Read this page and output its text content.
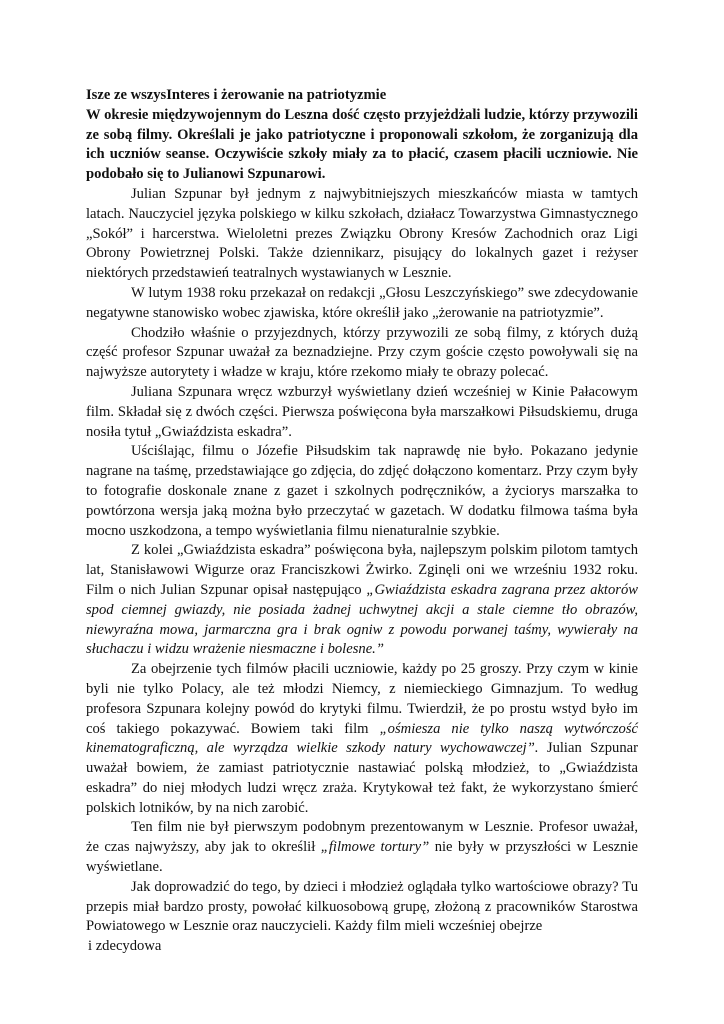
Isze ze wszysInteres i żerowanie na patriotyzmie

W okresie międzywojennym do Leszna dość często przyjeżdżali ludzie, którzy przywozili ze sobą filmy. Określali je jako patriotyczne i proponowali szkołom, że zorganizują dla ich uczniów seanse. Oczywiście szkoły miały za to płacić, czasem płacili uczniowie. Nie podobało się to Julianowi Szpunarowi.

Julian Szpunar był jednym z najwybitniejszych mieszkańców miasta w tamtych latach. Nauczyciel języka polskiego w kilku szkołach, działacz Towarzystwa Gimnastycznego „Sokół” i harcerstwa. Wieloletni prezes Związku Obrony Kresów Zachodnich oraz Ligi Obrony Powietrznej Polski. Także dziennikarz, pisujący do lokalnych gazet i reżyser niektórych przedstawień teatralnych wystawianych w Lesznie.

W lutym 1938 roku przekazał on redakcji „Głosu Leszczyńskiego” swe zdecydowanie negatywne stanowisko wobec zjawiska, które określił jako „żerowanie na patriotyzmie”.

Chodziło właśnie o przyjezdnych, którzy przywozili ze sobą filmy, z których dużą część profesor Szpunar uważał za beznadziejne. Przy czym goście często powoływali się na najwyższe autorytety i władze w kraju, które rzekomo miały te obrazy polecać.

Juliana Szpunara wręcz wzburzył wyświetlany dzień wcześniej w Kinie Pałacowym film. Składał się z dwóch części. Pierwsza poświęcona była marszałkowi Piłsudskiemu, druga nosiła tytuł „Gwiaździsta eskadra”.

Uściślając, filmu o Józefie Piłsudskim tak naprawdę nie było. Pokazano jedynie nagrane na taśmę, przedstawiające go zdjęcia, do zdjęć dołączono komentarz. Przy czym były to fotografie doskonale znane z gazet i szkolnych podręczników, a życiorys marszałka to powtórzona wersja jaką można było przeczytać w gazetach. W dodatku filmowa taśma była mocno uszkodzona, a tempo wyświetlania filmu nienaturalnie szybkie.

Z kolei „Gwiaździsta eskadra” poświęcona była, najlepszym polskim pilotom tamtych lat, Stanisławowi Wigurze oraz Franciszkowi Żwirko. Zginęli oni we wrześniu 1932 roku. Film o nich Julian Szpunar opisał następująco „Gwiaździsta eskadra zagrana przez aktorów spod ciemnej gwiazdy, nie posiada żadnej uchwytnej akcji a stale ciemne tło obrazów, niewyraźna mowa, jarmarczna gra i brak ogniw z powodu porwanej taśmy, wywierały na słuchaczu i widzu wrażenie niesmaczne i bolesne.”

Za obejrzenie tych filmów płacili uczniowie, każdy po 25 groszy. Przy czym w kinie byli nie tylko Polacy, ale też młodzi Niemcy, z niemieckiego Gimnazjum. To według profesora Szpunara kolejny powód do krytyki filmu. Twierdził, że po prostu wstyd było im coś takiego pokazywać. Bowiem taki film „ośmiesza nie tylko naszą wytwórczość kinematograficzną, ale wyrządza wielkie szkody natury wychowawczej”. Julian Szpunar uważał bowiem, że zamiast patriotycznie nastawiać polską młodzież, to „Gwiaździsta eskadra” do niej młodych ludzi wręcz zraża. Krytykował też fakt, że wykorzystano śmierć polskich lotników, by na nich zarobić.

Ten film nie był pierwszym podobnym prezentowanym w Lesznie. Profesor uważał, że czas najwyższy, aby jak to określił „filmowe tortury” nie były w przyszłości w Lesznie wyświetlane.

Jak doprowadzić do tego, by dzieci i młodzież oglądała tylko wartościowe obrazy? Tu przepis miał bardzo prosty, powołać kilkuosobową grupę, złożoną z pracowników Starostwa Powiatowego w Lesznie oraz nauczycieli. Każdy film mieli wcześniej obejrze

i zdecydowa
